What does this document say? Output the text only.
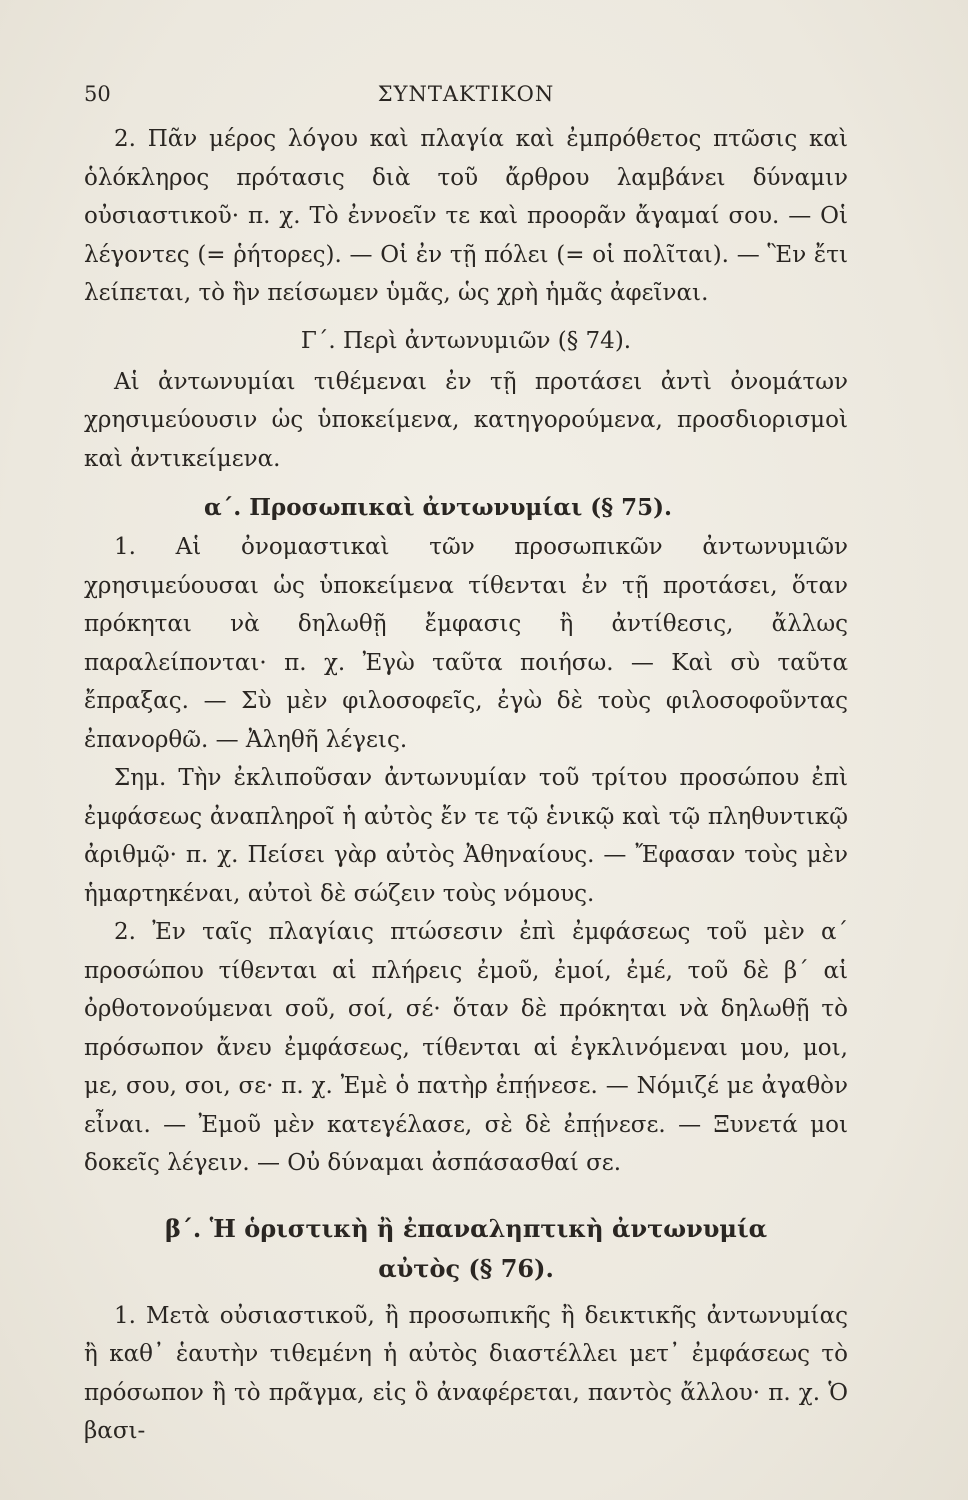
50	ΣΥΝΤΑΚΤΙΚΟΝ

2. Πᾶν μέρος λόγου καὶ πλαγία καὶ ἐμπρόθετος πτῶσις καὶ ὁλόκληρος πρότασις διὰ τοῦ ἄρθρου λαμβάνει δύναμιν οὐσιαστικοῦ· π. χ. Τὸ ἐννοεῖν τε καὶ προορᾶν ἄγαμαί σου. — Οἱ λέγοντες (= ῥήτορες). — Οἱ ἐν τῇ πόλει (= οἱ πολῖται). — Ἓν ἔτι λείπεται, τὸ ἣν πείσωμεν ὑμᾶς, ὡς χρὴ ἡμᾶς ἀφεῖναι.

Γ΄. Περὶ ἀντωνυμιῶν (§ 74).

Αἱ ἀντωνυμίαι τιθέμεναι ἐν τῇ προτάσει ἀντὶ ὀνομάτων χρησιμεύουσιν ὡς ὑποκείμενα, κατηγορούμενα, προσδιορισμοὶ καὶ ἀντικείμενα.

α΄. Προσωπικαὶ ἀντωνυμίαι (§ 75).

1. Αἱ ὀνομαστικαὶ τῶν προσωπικῶν ἀντωνυμιῶν χρησιμεύουσαι ὡς ὑποκείμενα τίθενται ἐν τῇ προτάσει, ὅταν πρόκηται νὰ δηλωθῇ ἔμφασις ἢ ἀντίθεσις, ἄλλως παραλείπονται· π. χ. Ἐγὼ ταῦτα ποιήσω. — Καὶ σὺ ταῦτα ἔπραξας. — Σὺ μὲν φιλοσοφεῖς, ἐγὼ δὲ τοὺς φιλοσοφοῦντας ἐπανορθῶ. — Ἀληθῆ λέγεις.

Σημ. Τὴν ἐκλιποῦσαν ἀντωνυμίαν τοῦ τρίτου προσώπου ἐπὶ ἐμφάσεως ἀναπληροῖ ἡ αὐτὸς ἔν τε τῷ ἑνικῷ καὶ τῷ πληθυντικῷ ἀριθμῷ· π. χ. Πείσει γὰρ αὐτὸς Ἀθηναίους. — Ἔφασαν τοὺς μὲν ἡμαρτηκέναι, αὐτοὶ δὲ σώζειν τοὺς νόμους.

2. Ἐν ταῖς πλαγίαις πτώσεσιν ἐπὶ ἐμφάσεως τοῦ μὲν α΄ προσώπου τίθενται αἱ πλήρεις ἐμοῦ, ἐμοί, ἐμέ, τοῦ δὲ β΄ αἱ ὀρθοτονούμεναι σοῦ, σοί, σέ· ὅταν δὲ πρόκηται νὰ δηλωθῇ τὸ πρόσωπον ἄνευ ἐμφάσεως, τίθενται αἱ ἐγκλινόμεναι μου, μοι, με, σου, σοι, σε· π. χ. Ἐμὲ ὁ πατὴρ ἐπῄνεσε. — Νόμιζέ με ἀγαθὸν εἶναι. — Ἐμοῦ μὲν κατεγέλασε, σὲ δὲ ἐπῄνεσε. — Ξυνετά μοι δοκεῖς λέγειν. — Οὐ δύναμαι ἀσπάσασθαί σε.

β΄. Ἡ ὁριστικὴ ἢ ἐπαναληπτικὴ ἀντωνυμία αὐτὸς (§ 76).

1. Μετὰ οὐσιαστικοῦ, ἢ προσωπικῆς ἢ δεικτικῆς ἀντωνυμίας ἢ καθ᾽ ἑαυτὴν τιθεμένη ἡ αὐτὸς διαστέλλει μετ᾽ ἐμφάσεως τὸ πρόσωπον ἢ τὸ πρᾶγμα, εἰς ὃ ἀναφέρεται, παντὸς ἄλλου· π. χ. Ὁ βασι-
